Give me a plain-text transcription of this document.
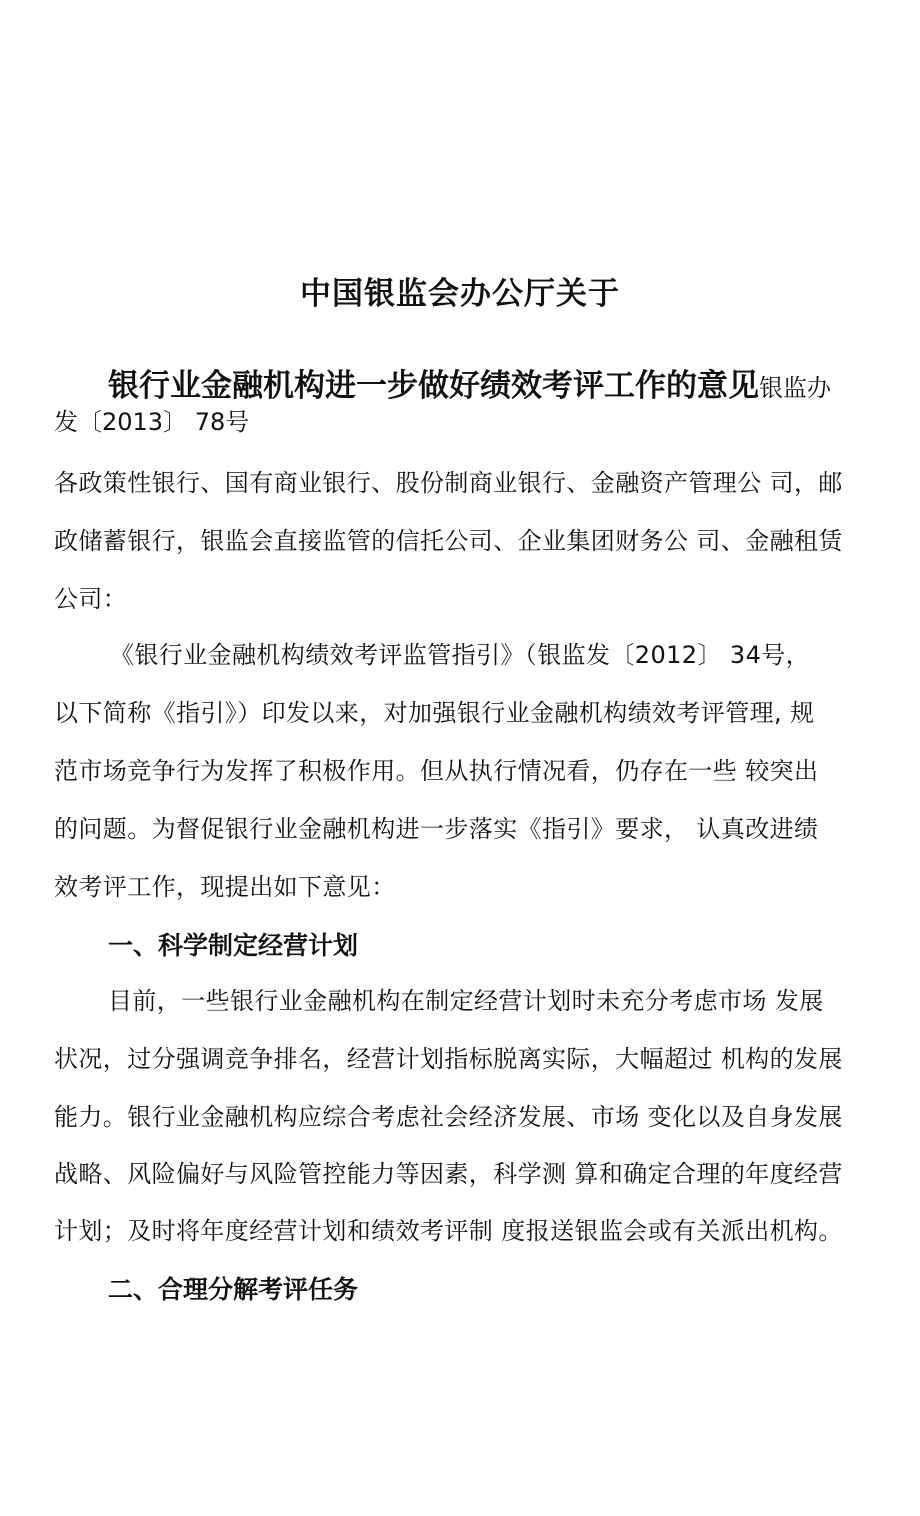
中国银监会办公厅关于
银行业金融机构进一步做好绩效考评工作的意见银监办
发〔2013〕 78号
各政策性银行、国有商业银行、股份制商业银行、金融资产管理公 司，邮
政储蓄银行，银监会直接监管的信托公司、企业集团财务公 司、金融租赁
公司：
《银行业金融机构绩效考评监管指引》（银监发〔2012〕 34号，
以下简称《指引》）印发以来，对加强银行业金融机构绩效考评管理, 规
范市场竞争行为发挥了积极作用。但从执行情况看，仍存在一些 较突出
的问题。为督促银行业金融机构进一步落实《指引》要求， 认真改进绩
效考评工作，现提出如下意见：
一、科学制定经营计划
目前，一些银行业金融机构在制定经营计划时未充分考虑市场 发展
状况，过分强调竞争排名，经营计划指标脱离实际，大幅超过 机构的发展
能力。银行业金融机构应综合考虑社会经济发展、市场 变化以及自身发展
战略、风险偏好与风险管控能力等因素，科学测 算和确定合理的年度经营
计划；及时将年度经营计划和绩效考评制 度报送银监会或有关派出机构。
二、合理分解考评任务
